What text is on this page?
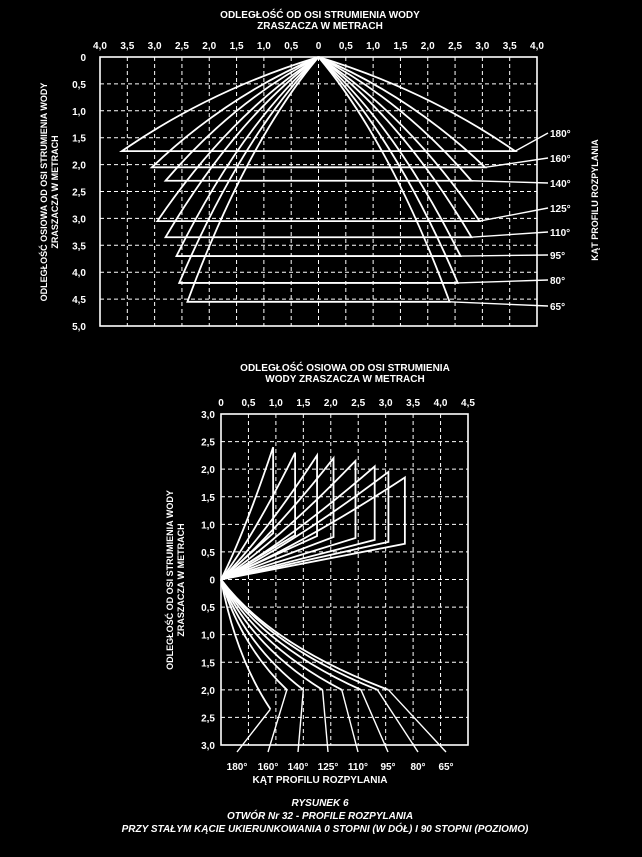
ODLEGŁOŚĆ OD OSI STRUMIENIA WODY
ZRASZACZA W METRACH
4,0 3,5 3,0 2,5 2,0 1,5 1,0 0,5 0 0,5 1,0 1,5 2,0 2,5 3,0 3,5 4,0
0
0,5
1,0
1,5
2,0
2,5
3,0
3,5
4,0
4,5
5,0
180°
160°
140°
125°
110°
95°
80°
65°
ODLEGŁOŚĆ OSIOWA OD OSI STRUMIENIA WODY ZRASZACZA W METRACH	KĄT PROFILU ROZPYLANIA
ODLEGŁOŚĆ OSIOWA OD OSI STRUMIENIA
WODY ZRASZACZA W METRACH
0 0,5 1,0 1,5 2,0 2,5 3,0 3,5 4,0 4,5
3,0
2,5
2,0
1,5
1,0
0,5
0
0,5
1,0
1,5
2,0
2,5
3,0
180° 160° 140° 125° 110° 95° 80° 65°
ODLEGŁOŚĆ OD OSI STRUMIENIA WODY ZRASZACZA W METRACH
KĄT PROFILU ROZPYLANIA
RYSUNEK 6
OTWÓR Nr 32 - PROFILE ROZPYLANIA
PRZY STAŁYM KĄCIE UKIERUNKOWANIA 0 STOPNI (W DÓŁ) I 90 STOPNI (POZIOMO)
